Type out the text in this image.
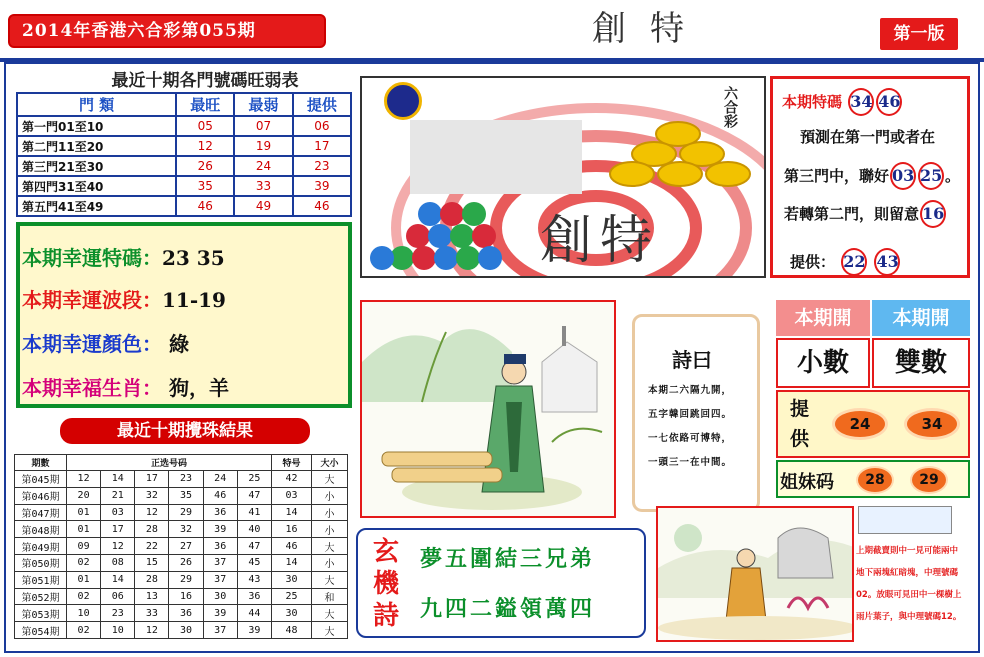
2014年香港六合彩第055期	創特	第一版
最近十期各門號碼旺弱表
門 類	最旺	最弱	提供
第一門01至10	05	07	06
第二門11至20	12	19	17
第三門21至30	26	24	23
第四門31至40	35	33	39
第五門41至49	46	49	46
本期幸運特碼：23 35
本期幸運波段：11-19
本期幸運顏色： 綠
本期幸福生肖： 狗，羊
最近十期攪珠結果
期數	正选号码						特号	大小
第045期	12	14	17	23	24	25	42	大
第046期	20	21	32	35	46	47	03	小
第047期	01	03	12	29	36	41	14	小
第048期	01	17	28	32	39	40	16	小
第049期	09	12	22	27	36	47	46	大
第050期	02	08	15	26	37	45	14	小
第051期	01	14	28	29	37	43	30	大
第052期	02	06	13	16	30	36	25	和
第053期	10	23	33	36	39	44	30	大
第054期	02	10	12	30	37	39	48	大
創特
六合彩	本期特碼 34 46
預測在第一門或者在
第三門中，聯好 03 25 。
若轉第二門，則留意 16
提供： 22 43
詩曰
本期二六隔九開，
五字韓回跳回四。
一七依路可博特，
一頭三一在中間。
本期開	本期開
小數	雙數
提供
24	34
姐妹码	28	29
玄機詩
夢五圍結三兄弟
九四二鎰領萬四
上期截賣則中一見可能兩中
地下兩塊紅暗塊，中理號碼
02。放眼可見田中一棵樹上
雨片葉子，與中理號碼12。
